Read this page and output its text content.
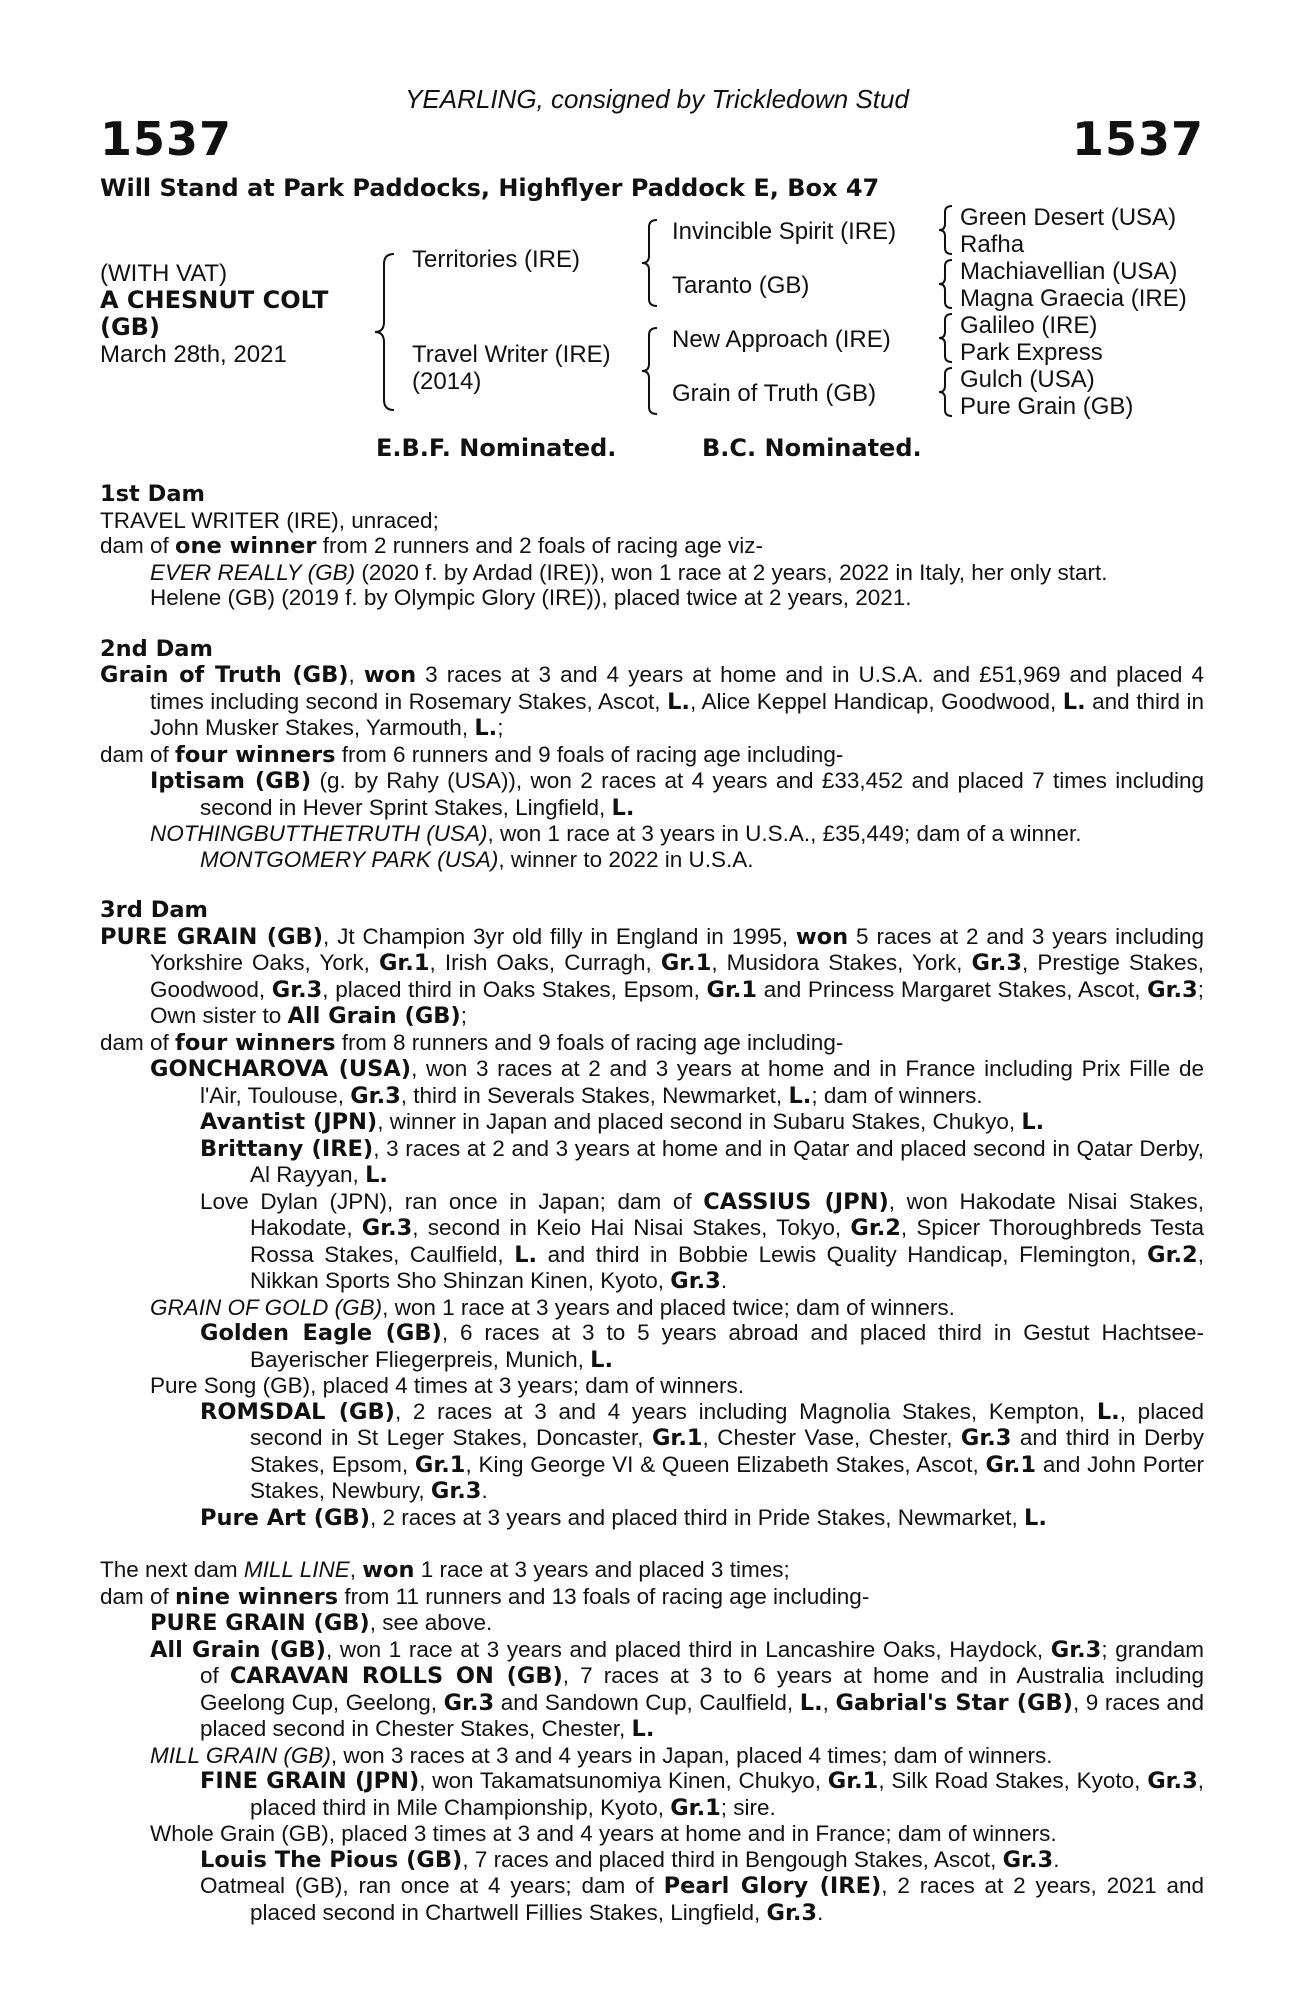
YEARLING, consigned by Trickledown Stud
1537	1537
Will Stand at Park Paddocks, Highflyer Paddock E, Box 47
(WITH VAT)
A CHESNUT COLT
(GB)
March 28th, 2021
Territories (IRE)
Travel Writer (IRE)
(2014)
Invincible Spirit (IRE)
Taranto (GB)
New Approach (IRE)
Grain of Truth (GB)
Green Desert (USA)
Rafha
Machiavellian (USA)
Magna Graecia (IRE)
Galileo (IRE)
Park Express
Gulch (USA)
Pure Grain (GB)
E.B.F. Nominated.	B.C. Nominated.
1st Dam
TRAVEL WRITER (IRE), unraced;
dam of one winner from 2 runners and 2 foals of racing age viz-
EVER REALLY (GB) (2020 f. by Ardad (IRE)), won 1 race at 2 years, 2022 in Italy, her only start.
Helene (GB) (2019 f. by Olympic Glory (IRE)), placed twice at 2 years, 2021.
2nd Dam
Grain of Truth (GB), won 3 races at 3 and 4 years at home and in U.S.A. and £51,969 and placed 4 times including second in Rosemary Stakes, Ascot, L., Alice Keppel Handicap, Goodwood, L. and third in John Musker Stakes, Yarmouth, L.;
dam of four winners from 6 runners and 9 foals of racing age including-
Iptisam (GB) (g. by Rahy (USA)), won 2 races at 4 years and £33,452 and placed 7 times including second in Hever Sprint Stakes, Lingfield, L.
NOTHINGBUTTHETRUTH (USA), won 1 race at 3 years in U.S.A., £35,449; dam of a winner.
MONTGOMERY PARK (USA), winner to 2022 in U.S.A.
3rd Dam
PURE GRAIN (GB), Jt Champion 3yr old filly in England in 1995, won 5 races at 2 and 3 years including Yorkshire Oaks, York, Gr.1, Irish Oaks, Curragh, Gr.1, Musidora Stakes, York, Gr.3, Prestige Stakes, Goodwood, Gr.3, placed third in Oaks Stakes, Epsom, Gr.1 and Princess Margaret Stakes, Ascot, Gr.3; Own sister to All Grain (GB);
dam of four winners from 8 runners and 9 foals of racing age including-
GONCHAROVA (USA), won 3 races at 2 and 3 years at home and in France including Prix Fille de l'Air, Toulouse, Gr.3, third in Severals Stakes, Newmarket, L.; dam of winners.
Avantist (JPN), winner in Japan and placed second in Subaru Stakes, Chukyo, L.
Brittany (IRE), 3 races at 2 and 3 years at home and in Qatar and placed second in Qatar Derby, Al Rayyan, L.
Love Dylan (JPN), ran once in Japan; dam of CASSIUS (JPN), won Hakodate Nisai Stakes, Hakodate, Gr.3, second in Keio Hai Nisai Stakes, Tokyo, Gr.2, Spicer Thoroughbreds Testa Rossa Stakes, Caulfield, L. and third in Bobbie Lewis Quality Handicap, Flemington, Gr.2, Nikkan Sports Sho Shinzan Kinen, Kyoto, Gr.3.
GRAIN OF GOLD (GB), won 1 race at 3 years and placed twice; dam of winners.
Golden Eagle (GB), 6 races at 3 to 5 years abroad and placed third in Gestut Hachtsee-Bayerischer Fliegerpreis, Munich, L.
Pure Song (GB), placed 4 times at 3 years; dam of winners.
ROMSDAL (GB), 2 races at 3 and 4 years including Magnolia Stakes, Kempton, L., placed second in St Leger Stakes, Doncaster, Gr.1, Chester Vase, Chester, Gr.3 and third in Derby Stakes, Epsom, Gr.1, King George VI & Queen Elizabeth Stakes, Ascot, Gr.1 and John Porter Stakes, Newbury, Gr.3.
Pure Art (GB), 2 races at 3 years and placed third in Pride Stakes, Newmarket, L.
The next dam MILL LINE, won 1 race at 3 years and placed 3 times;
dam of nine winners from 11 runners and 13 foals of racing age including-
PURE GRAIN (GB), see above.
All Grain (GB), won 1 race at 3 years and placed third in Lancashire Oaks, Haydock, Gr.3; grandam of CARAVAN ROLLS ON (GB), 7 races at 3 to 6 years at home and in Australia including Geelong Cup, Geelong, Gr.3 and Sandown Cup, Caulfield, L., Gabrial's Star (GB), 9 races and placed second in Chester Stakes, Chester, L.
MILL GRAIN (GB), won 3 races at 3 and 4 years in Japan, placed 4 times; dam of winners.
FINE GRAIN (JPN), won Takamatsunomiya Kinen, Chukyo, Gr.1, Silk Road Stakes, Kyoto, Gr.3, placed third in Mile Championship, Kyoto, Gr.1; sire.
Whole Grain (GB), placed 3 times at 3 and 4 years at home and in France; dam of winners.
Louis The Pious (GB), 7 races and placed third in Bengough Stakes, Ascot, Gr.3.
Oatmeal (GB), ran once at 4 years; dam of Pearl Glory (IRE), 2 races at 2 years, 2021 and placed second in Chartwell Fillies Stakes, Lingfield, Gr.3.
